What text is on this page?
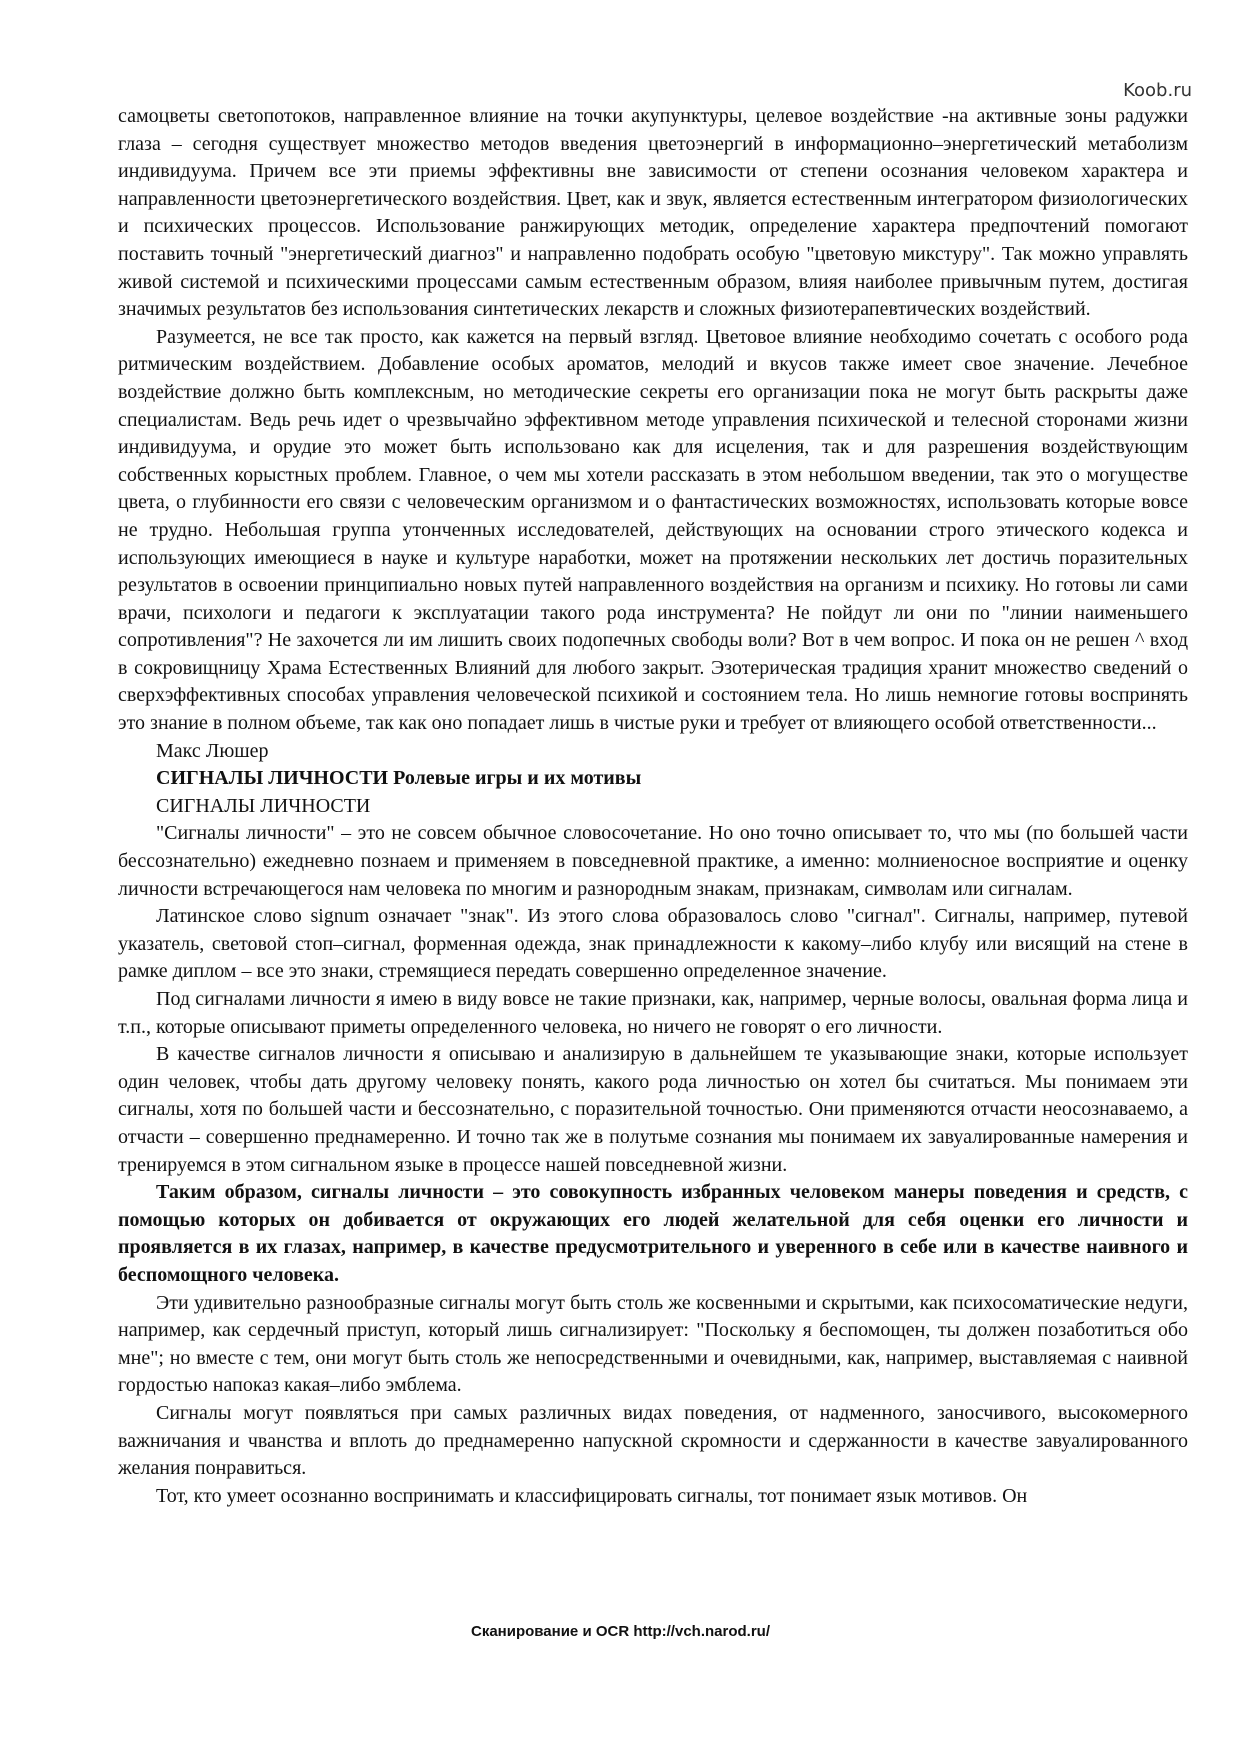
Koob.ru

самоцветы светопотоков, направленное влияние на точки акупунктуры, целевое воздействие -на активные зоны радужки глаза – сегодня существует множество методов введения цветоэнергий в информационно–энергетический метаболизм индивидуума. Причем все эти приемы эффективны вне зависимости от степени осознания человеком характера и направленности цветоэнергетического воздействия. Цвет, как и звук, является естественным интегратором физиологических и психических процессов. Использование ранжирующих методик, определение характера предпочтений помогают поставить точный "энергетический диагноз" и направленно подобрать особую "цветовую микстуру". Так можно управлять живой системой и психическими процессами самым естественным образом, влияя наиболее привычным путем, достигая значимых результатов без использования синтетических лекарств и сложных физиотерапевтических воздействий.

Разумеется, не все так просто, как кажется на первый взгляд. Цветовое влияние необходимо сочетать с особого рода ритмическим воздействием. Добавление особых ароматов, мелодий и вкусов также имеет свое значение. Лечебное воздействие должно быть комплексным, но методические секреты его организации пока не могут быть раскрыты даже специалистам. Ведь речь идет о чрезвычайно эффективном методе управления психической и телесной сторонами жизни индивидуума, и орудие это может быть использовано как для исцеления, так и для разрешения воздействующим собственных корыстных проблем. Главное, о чем мы хотели рассказать в этом небольшом введении, так это о могуществе цвета, о глубинности его связи с человеческим организмом и о фантастических возможностях, использовать которые вовсе не трудно. Небольшая группа утонченных исследователей, действующих на основании строго этического кодекса и использующих имеющиеся в науке и культуре наработки, может на протяжении нескольких лет достичь поразительных результатов в освоении принципиально новых путей направленного воздействия на организм и психику. Но готовы ли сами врачи, психологи и педагоги к эксплуатации такого рода инструмента? Не пойдут ли они по "линии наименьшего сопротивления"? Не захочется ли им лишить своих подопечных свободы воли? Вот в чем вопрос. И пока он не решен ^ вход в сокровищницу Храма Естественных Влияний для любого закрыт. Эзотерическая традиция хранит множество сведений о сверхэффективных способах управления человеческой психикой и состоянием тела. Но лишь немногие готовы воспринять это знание в полном объеме, так как оно попадает лишь в чистые руки и требует от влияющего особой ответственности...

Макс Люшер

СИГНАЛЫ ЛИЧНОСТИ Ролевые игры и их мотивы

СИГНАЛЫ ЛИЧНОСТИ

"Сигналы личности" – это не совсем обычное словосочетание. Но оно точно описывает то, что мы (по большей части бессознательно) ежедневно познаем и применяем в повседневной практике, а именно: молниеносное восприятие и оценку личности встречающегося нам человека по многим и разнородным знакам, признакам, символам или сигналам.

Латинское слово signum означает "знак". Из этого слова образовалось слово "сигнал". Сигналы, например, путевой указатель, световой стоп–сигнал, форменная одежда, знак принадлежности к какому–либо клубу или висящий на стене в рамке диплом – все это знаки, стремящиеся передать совершенно определенное значение.

Под сигналами личности я имею в виду вовсе не такие признаки, как, например, черные волосы, овальная форма лица и т.п., которые описывают приметы определенного человека, но ничего не говорят о его личности.

В качестве сигналов личности я описываю и анализирую в дальнейшем те указывающие знаки, которые использует один человек, чтобы дать другому человеку понять, какого рода личностью он хотел бы считаться. Мы понимаем эти сигналы, хотя по большей части и бессознательно, с поразительной точностью. Они применяются отчасти неосознаваемо, а отчасти – совершенно преднамеренно. И точно так же в полутьме сознания мы понимаем их завуалированные намерения и тренируемся в этом сигнальном языке в процессе нашей повседневной жизни.

Таким образом, сигналы личности – это совокупность избранных человеком манеры поведения и средств, с помощью которых он добивается от окружающих его людей желательной для себя оценки его личности и проявляется в их глазах, например, в качестве предусмотрительного и уверенного в себе или в качестве наивного и беспомощного человека.

Эти удивительно разнообразные сигналы могут быть столь же косвенными и скрытыми, как психосоматические недуги, например, как сердечный приступ, который лишь сигнализирует: "Поскольку я беспомощен, ты должен позаботиться обо мне"; но вместе с тем, они могут быть столь же непосредственными и очевидными, как, например, выставляемая с наивной гордостью напоказ какая–либо эмблема.

Сигналы могут появляться при самых различных видах поведения, от надменного, заносчивого, высокомерного важничания и чванства и вплоть до преднамеренно напускной скромности и сдержанности в качестве завуалированного желания понравиться.

Тот, кто умеет осознанно воспринимать и классифицировать сигналы, тот понимает язык мотивов. Он

Сканирование и OCR http://vch.narod.ru/
